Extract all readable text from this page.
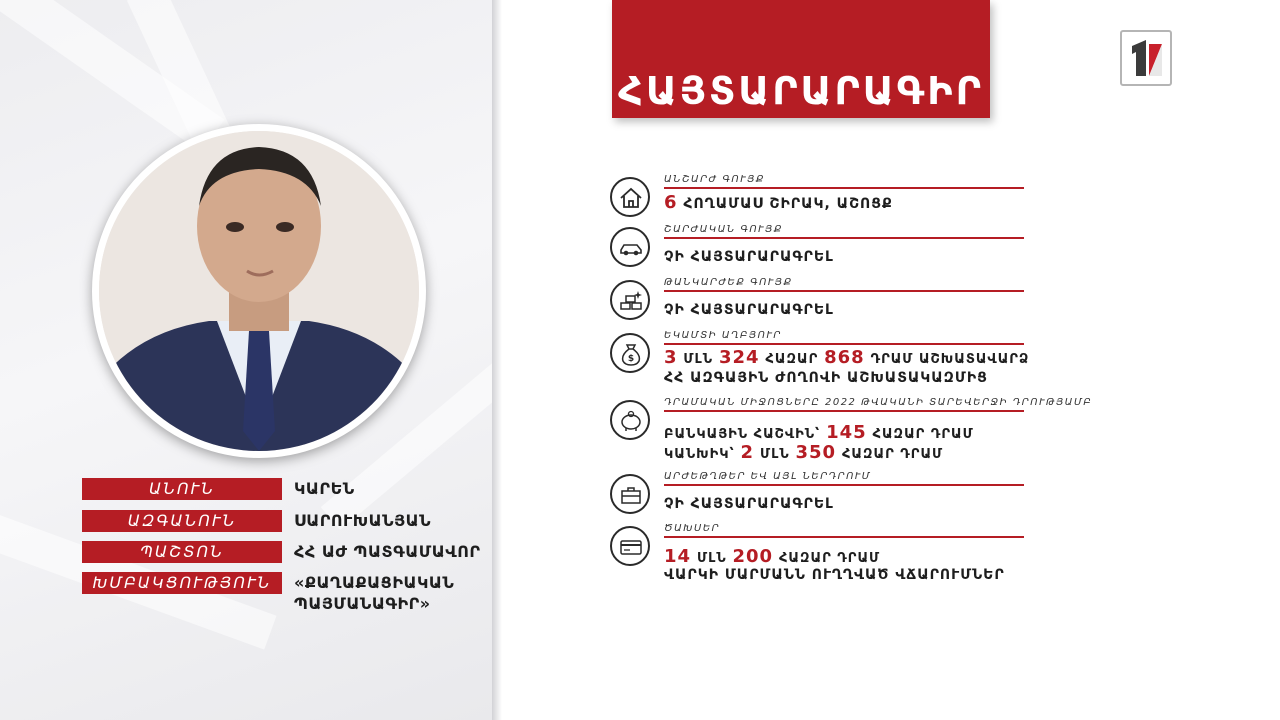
ԱՆՈՒՆ	ԿԱՐԵՆ
ԱԶԳԱՆՈՒՆ	ՍԱՐՈՒԽԱՆՅԱՆ
ՊԱՇՏՈՆ	ՀՀ ԱԺ ՊԱՏԳԱՄԱՎՈՐ
ԽՄԲԱԿՑՈՒԹՅՈՒՆ	«ՔԱՂԱՔԱՑԻԱԿԱՆ ՊԱՅՄԱՆԱԳԻՐ»
ՀԱՅՏԱՐԱՐԱԳԻՐ
ԱՆՇԱՐԺ ԳՈՒՅՔ
6 ՀՈՂԱՄԱՍ ՇԻՐԱԿ, ԱՇՈՑՔ
ՇԱՐԺԱԿԱՆ ԳՈՒՅՔ
ՉԻ ՀԱՅՏԱՐԱՐԱԳՐԵԼ
ԹԱՆԿԱՐԺԵՔ ԳՈՒՅՔ
ՉԻ ՀԱՅՏԱՐԱՐԱԳՐԵԼ
$
ԵԿԱՄՏԻ ԱՂԲՅՈՒՐ
3 ՄԼՆ 324 ՀԱԶԱՐ 868 ԴՐԱՄ ԱՇԽԱՏԱՎԱՐՁ
ՀՀ ԱԶԳԱՅԻՆ ԺՈՂՈՎԻ ԱՇԽԱՏԱԿԱԶՄԻՑ
ԴՐԱՄԱԿԱՆ ՄԻՋՈՑՆԵՐԸ 2022 ԹՎԱԿԱՆԻ ՏԱՐԵՎԵՐՋԻ ԴՐՈՒԹՅԱՄԲ
ԲԱՆԿԱՅԻՆ ՀԱՇՎԻՆ՝ 145 ՀԱԶԱՐ ԴՐԱՄ
ԿԱՆԽԻԿ՝ 2 ՄԼՆ 350 ՀԱԶԱՐ ԴՐԱՄ
ԱՐԺԵԹՂԹԵՐ ԵՎ ԱՅԼ ՆԵՐԴՐՈՒՄ
ՉԻ ՀԱՅՏԱՐԱՐԱԳՐԵԼ
ԾԱԽՍԵՐ
14 ՄԼՆ 200 ՀԱԶԱՐ ԴՐԱՄ
ՎԱՐԿԻ ՄԱՐՄԱՆՆ ՈՒՂՂՎԱԾ ՎՃԱՐՈՒՄՆԵՐ
